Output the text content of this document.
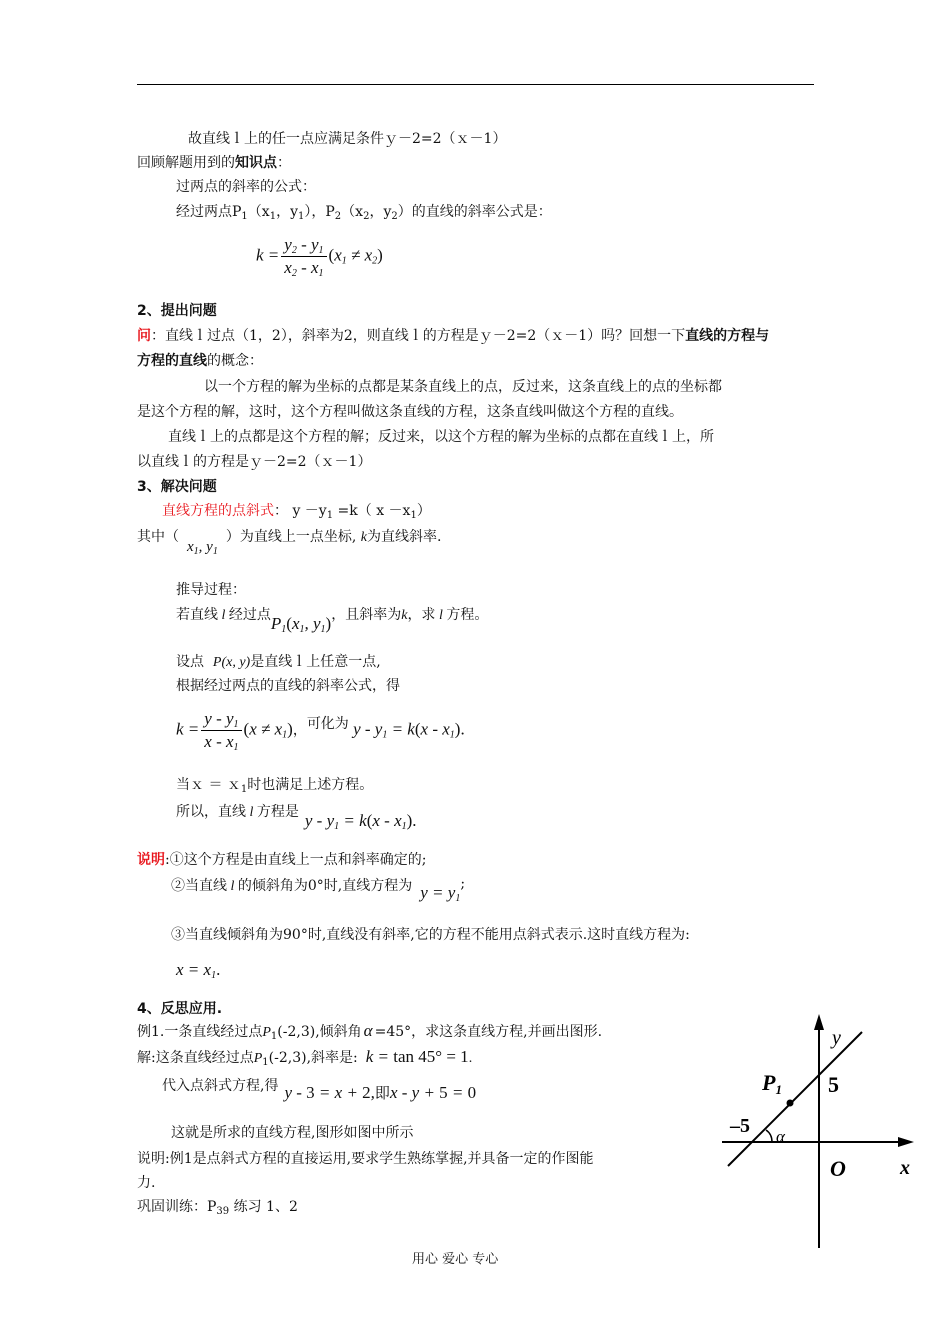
故直线ｌ上的任一点应满足条件ｙ－2=2（ｘ－1）
回顾解题用到的知识点：
过两点的斜率的公式：
经过两点$P_1(x_1$，$y_1$），$P_2(x_2$，$y_2$）的直线的斜率公式是：
$k = \frac{y_2 - y_1}{x_2 - x_1} (x_1 \ne x_2)$
2、提出问题
问：直线ｌ过点（1，2），斜率为2，则直线ｌ的方程是ｙ－2=2（ｘ－1）吗？回想一下直线的方程与
方程的直线的概念：
以一个方程的解为坐标的点都是某条直线上的点，反过来，这条直线上的点的坐标都
是这个方程的解，这时，这个方程叫做这条直线的方程，这条直线叫做这个方程的直线。
直线ｌ上的点都是这个方程的解；反过来，以这个方程的解为坐标的点都在直线ｌ上，所
以直线ｌ的方程是ｙ－2=2（ｘ－1）
3、解决问题
直线方程的点斜式： $y -y_1 =k$（ $x -x_1$）
其中（$x_1$, $y_1$）为直线上一点坐标, k为直线斜率.
推导过程：
若直线 l 经过点$P_1(x_1$, $y_1$)，且斜率为k，求 l 方程。
设点 P(x, y)是直线ｌ上任意一点,
根据经过两点的直线的斜率公式，得
$k = \frac{y - y_1}{x - x_1} (x \ne x_1)$，$^{可化为}$ $y - y_1 = k(x - x_1)$.
当ｘ ＝ ｘ$_1$时也满足上述方程。
所以，直线 l 方程是 $y - y_1 = k(x - x_1)$.
说明:①这个方程是由直线上一点和斜率确定的;
②当直线 l 的倾斜角为0°时,直线方程为 $y = y_1$;
③当直线倾斜角为90°时,直线没有斜率,它的方程不能用点斜式表示.这时直线方程为:
$x = x_1$.
4、反思应用.
例1.一条直线经过点$P_1(-2,3)$,倾斜角 α =45°，求这条直线方程,并画出图形.
解:这条直线经过点$P_1(-2,3)$,斜率是: k = tan 45° = 1.
代入点斜式方程,得 y - 3 = x + 2,即x - y + 5 = 0
这就是所求的直线方程,图形如图中所示
说明:例1是点斜式方程的直接运用,要求学生熟练掌握,并具备一定的作图能
力.
巩固训练：$P_{39}$ 练习 1、2
y
x
O
5
–5 α
P1
用心 爱心 专心
